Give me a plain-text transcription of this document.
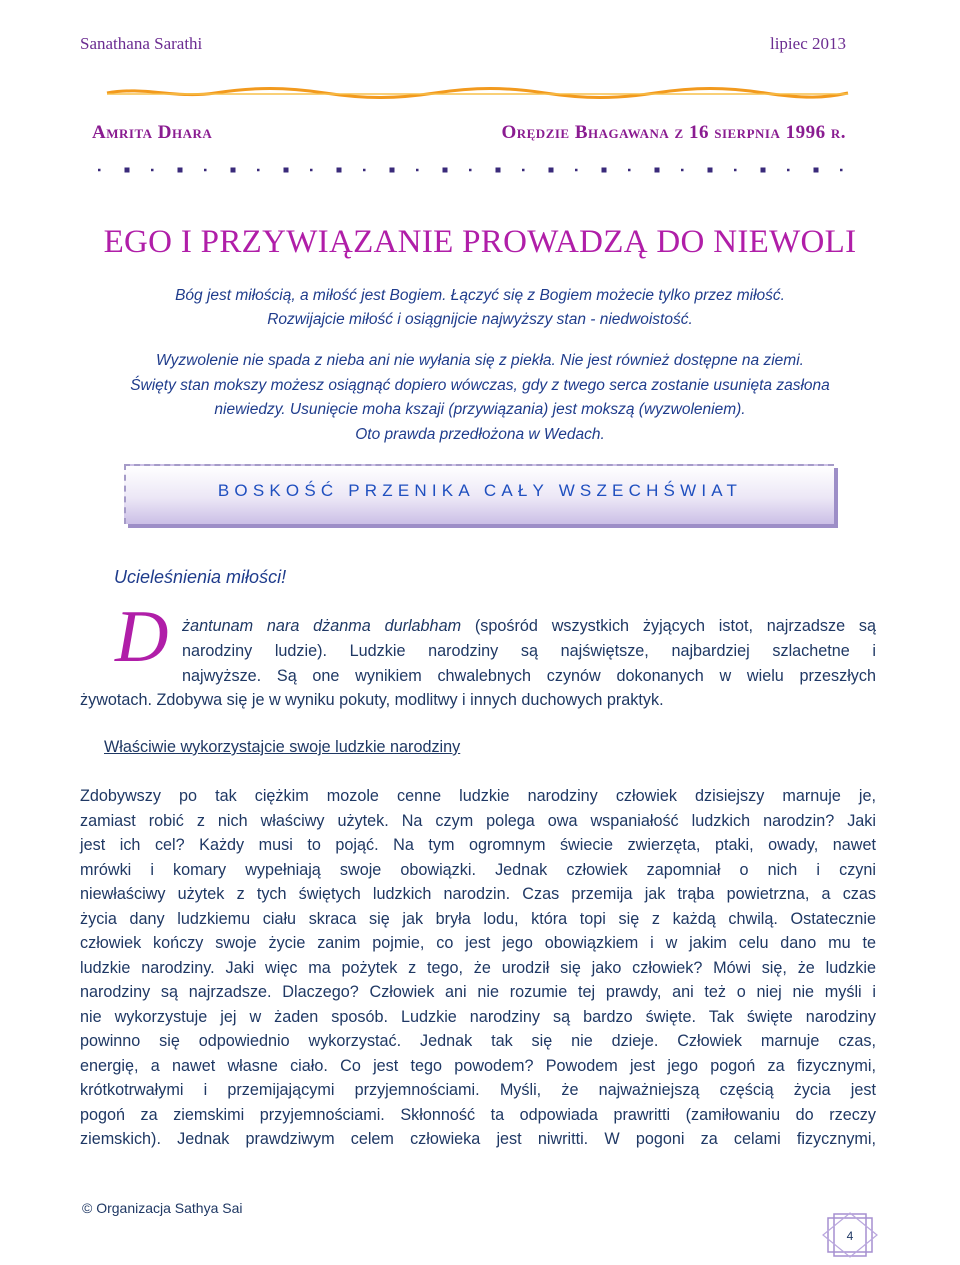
Sanathana Sarathi	lipiec 2013
Amrita Dhara	Orędzie Bhagawana z 16 sierpnia 1996 r.
EGO I PRZYWIĄZANIE PROWADZĄ DO NIEWOLI
Bóg jest miłością, a miłość jest Bogiem. Łączyć się z Bogiem możecie tylko przez miłość.
Rozwijajcie miłość i osiągnijcie najwyższy stan - niedwoistość.
Wyzwolenie nie spada z nieba ani nie wyłania się z piekła. Nie jest również dostępne na ziemi.
Święty stan mokszy możesz osiągnąć dopiero wówczas, gdy z twego serca zostanie usunięta zasłona
niewiedzy. Usunięcie moha kszaji (przywiązania) jest mokszą (wyzwoleniem).
Oto prawda przedłożona w Wedach.
BOSKOŚĆ PRZENIKA CAŁY WSZECHŚWIAT
Ucieleśnienia miłości!
D żantunam nara dżanma durlabham (spośród wszystkich żyjących istot, najrzadsze są
narodziny ludzie). Ludzkie narodziny są najświętsze, najbardziej szlachetne i
najwyższe. Są one wynikiem chwalebnych czynów dokonanych w wielu przeszłych
żywotach. Zdobywa się je w wyniku pokuty, modlitwy i innych duchowych praktyk.
Właściwie wykorzystajcie swoje ludzkie narodziny
Zdobywszy po tak ciężkim mozole cenne ludzkie narodziny człowiek dzisiejszy marnuje je,
zamiast robić z nich właściwy użytek. Na czym polega owa wspaniałość ludzkich narodzin? Jaki
jest ich cel? Każdy musi to pojąć. Na tym ogromnym świecie zwierzęta, ptaki, owady, nawet
mrówki i komary wypełniają swoje obowiązki. Jednak człowiek zapomniał o nich i czyni
niewłaściwy użytek z tych świętych ludzkich narodzin. Czas przemija jak trąba powietrzna, a czas
życia dany ludzkiemu ciału skraca się jak bryła lodu, która topi się z każdą chwilą. Ostatecznie
człowiek kończy swoje życie zanim pojmie, co jest jego obowiązkiem i w jakim celu dano mu te
ludzkie narodziny. Jaki więc ma pożytek z tego, że urodził się jako człowiek? Mówi się, że ludzkie
narodziny są najrzadsze. Dlaczego? Człowiek ani nie rozumie tej prawdy, ani też o niej nie myśli i
nie wykorzystuje jej w żaden sposób. Ludzkie narodziny są bardzo święte. Tak święte narodziny
powinno się odpowiednio wykorzystać. Jednak tak się nie dzieje. Człowiek marnuje czas,
energię, a nawet własne ciało. Co jest tego powodem? Powodem jest jego pogoń za fizycznymi,
krótkotrwałymi i przemijającymi przyjemnościami. Myśli, że najważniejszą częścią życia jest
pogoń za ziemskimi przyjemnościami. Skłonność ta odpowiada prawritti (zamiłowaniu do rzeczy
ziemskich). Jednak prawdziwym celem człowieka jest niwritti. W pogoni za celami fizycznymi,
© Organizacja Sathya Sai
4
